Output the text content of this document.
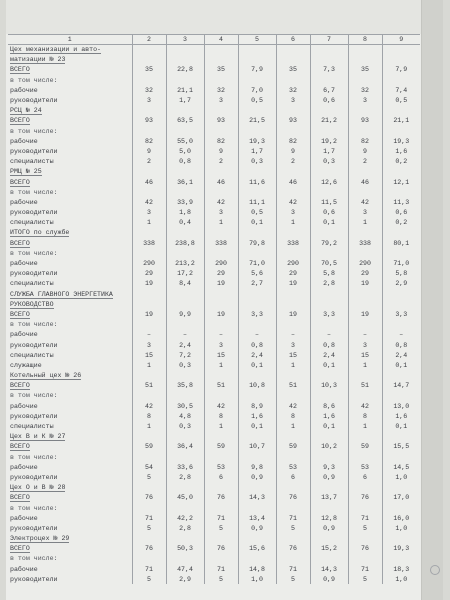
1	2	3	4	5	6	7	8	9
Цех механизации и авто-								
матизации № 23								
ВСЕГО	35	22,8	35	7,9	35	7,3	35	7,9
в том числе:								
рабочие	32	21,1	32	7,0	32	6,7	32	7,4
руководители	3	1,7	3	0,5	3	0,6	3	0,5
РСЦ № 24								
ВСЕГО	93	63,5	93	21,5	93	21,2	93	21,1
в том числе:								
рабочие	82	55,0	82	19,3	82	19,2	82	19,3
руководители	9	5,0	9	1,7	9	1,7	9	1,6
специалисты	2	0,8	2	0,3	2	0,3	2	0,2
РМЦ № 25								
ВСЕГО	46	36,1	46	11,6	46	12,6	46	12,1
в том числе:								
рабочие	42	33,9	42	11,1	42	11,5	42	11,3
руководители	3	1,8	3	0,5	3	0,6	3	0,6
специалисты	1	0,4	1	0,1	1	0,1	1	0,2
ИТОГО по службе								
ВСЕГО	338	238,8	338	79,8	338	79,2	338	80,1
в том числе:								
рабочие	290	213,2	290	71,0	290	70,5	290	71,0
руководители	29	17,2	29	5,6	29	5,8	29	5,8
специалисты	19	8,4	19	2,7	19	2,8	19	2,9
СЛУЖБА ГЛАВНОГО ЭНЕРГЕТИКА								
РУКОВОДСТВО								
ВСЕГО	19	9,9	19	3,3	19	3,3	19	3,3
в том числе:								
рабочие	–	–	–	–	–	–	–	–
руководители	3	2,4	3	0,8	3	0,8	3	0,8
специалисты	15	7,2	15	2,4	15	2,4	15	2,4
служащие	1	0,3	1	0,1	1	0,1	1	0,1
Котельный цех № 26								
ВСЕГО	51	35,8	51	10,8	51	10,3	51	14,7
в том числе:								
рабочие	42	30,5	42	8,9	42	8,6	42	13,0
руководители	8	4,8	8	1,6	8	1,6	8	1,6
специалисты	1	0,3	1	0,1	1	0,1	1	0,1
Цех В и К № 27								
ВСЕГО	59	36,4	59	10,7	59	10,2	59	15,5
в том числе:								
рабочие	54	33,6	53	9,8	53	9,3	53	14,5
руководители	5	2,8	6	0,9	6	0,9	6	1,0
Цех О и В № 28								
ВСЕГО	76	45,0	76	14,3	76	13,7	76	17,0
в том числе:								
рабочие	71	42,2	71	13,4	71	12,8	71	16,0
руководители	5	2,8	5	0,9	5	0,9	5	1,0
Электроцех № 29								
ВСЕГО	76	50,3	76	15,6	76	15,2	76	19,3
в том числе:								
рабочие	71	47,4	71	14,8	71	14,3	71	18,3
руководители	5	2,9	5	1,0	5	0,9	5	1,0
